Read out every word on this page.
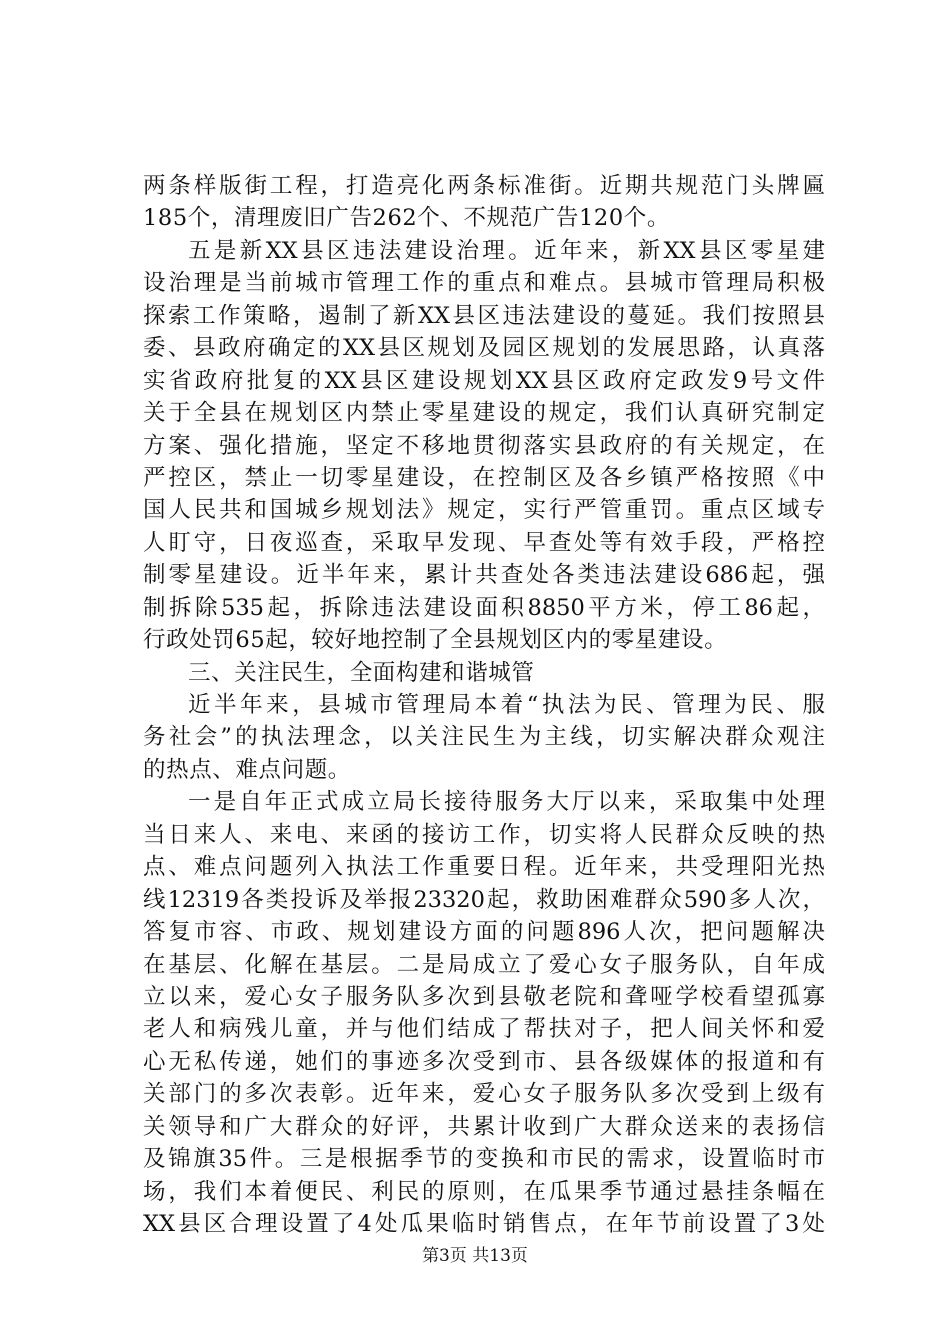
两条样版街工程，打造亮化两条标准街。近期共规范门头牌匾
185个，清理废旧广告262个、不规范广告120个。
五是新XX县区违法建设治理。近年来，新XX县区零星建
设治理是当前城市管理工作的重点和难点。县城市管理局积极
探索工作策略，遏制了新XX县区违法建设的蔓延。我们按照县
委、县政府确定的XX县区规划及园区规划的发展思路，认真落
实省政府批复的XX县区建设规划XX县区政府定政发9号文件
关于全县在规划区内禁止零星建设的规定，我们认真研究制定
方案、强化措施，坚定不移地贯彻落实县政府的有关规定，在
严控区，禁止一切零星建设，在控制区及各乡镇严格按照《中
国人民共和国城乡规划法》规定，实行严管重罚。重点区域专
人盯守，日夜巡查，采取早发现、早查处等有效手段，严格控
制零星建设。近半年来，累计共查处各类违法建设686起，强
制拆除535起，拆除违法建设面积8850平方米，停工86起，
行政处罚65起，较好地控制了全县规划区内的零星建设。
三、关注民生，全面构建和谐城管
近半年来，县城市管理局本着“执法为民、管理为民、服
务社会”的执法理念，以关注民生为主线，切实解决群众观注
的热点、难点问题。
一是自年正式成立局长接待服务大厅以来，采取集中处理
当日来人、来电、来函的接访工作，切实将人民群众反映的热
点、难点问题列入执法工作重要日程。近年来，共受理阳光热
线12319各类投诉及举报23320起，救助困难群众590多人次，
答复市容、市政、规划建设方面的问题896人次，把问题解决
在基层、化解在基层。二是局成立了爱心女子服务队，自年成
立以来，爱心女子服务队多次到县敬老院和聋哑学校看望孤寡
老人和病残儿童，并与他们结成了帮扶对子，把人间关怀和爱
心无私传递，她们的事迹多次受到市、县各级媒体的报道和有
关部门的多次表彰。近年来，爱心女子服务队多次受到上级有
关领导和广大群众的好评，共累计收到广大群众送来的表扬信
及锦旗35件。三是根据季节的变换和市民的需求，设置临时市
场，我们本着便民、利民的原则，在瓜果季节通过悬挂条幅在
XX县区合理设置了4处瓜果临时销售点，在年节前设置了3处
第3页 共13页
